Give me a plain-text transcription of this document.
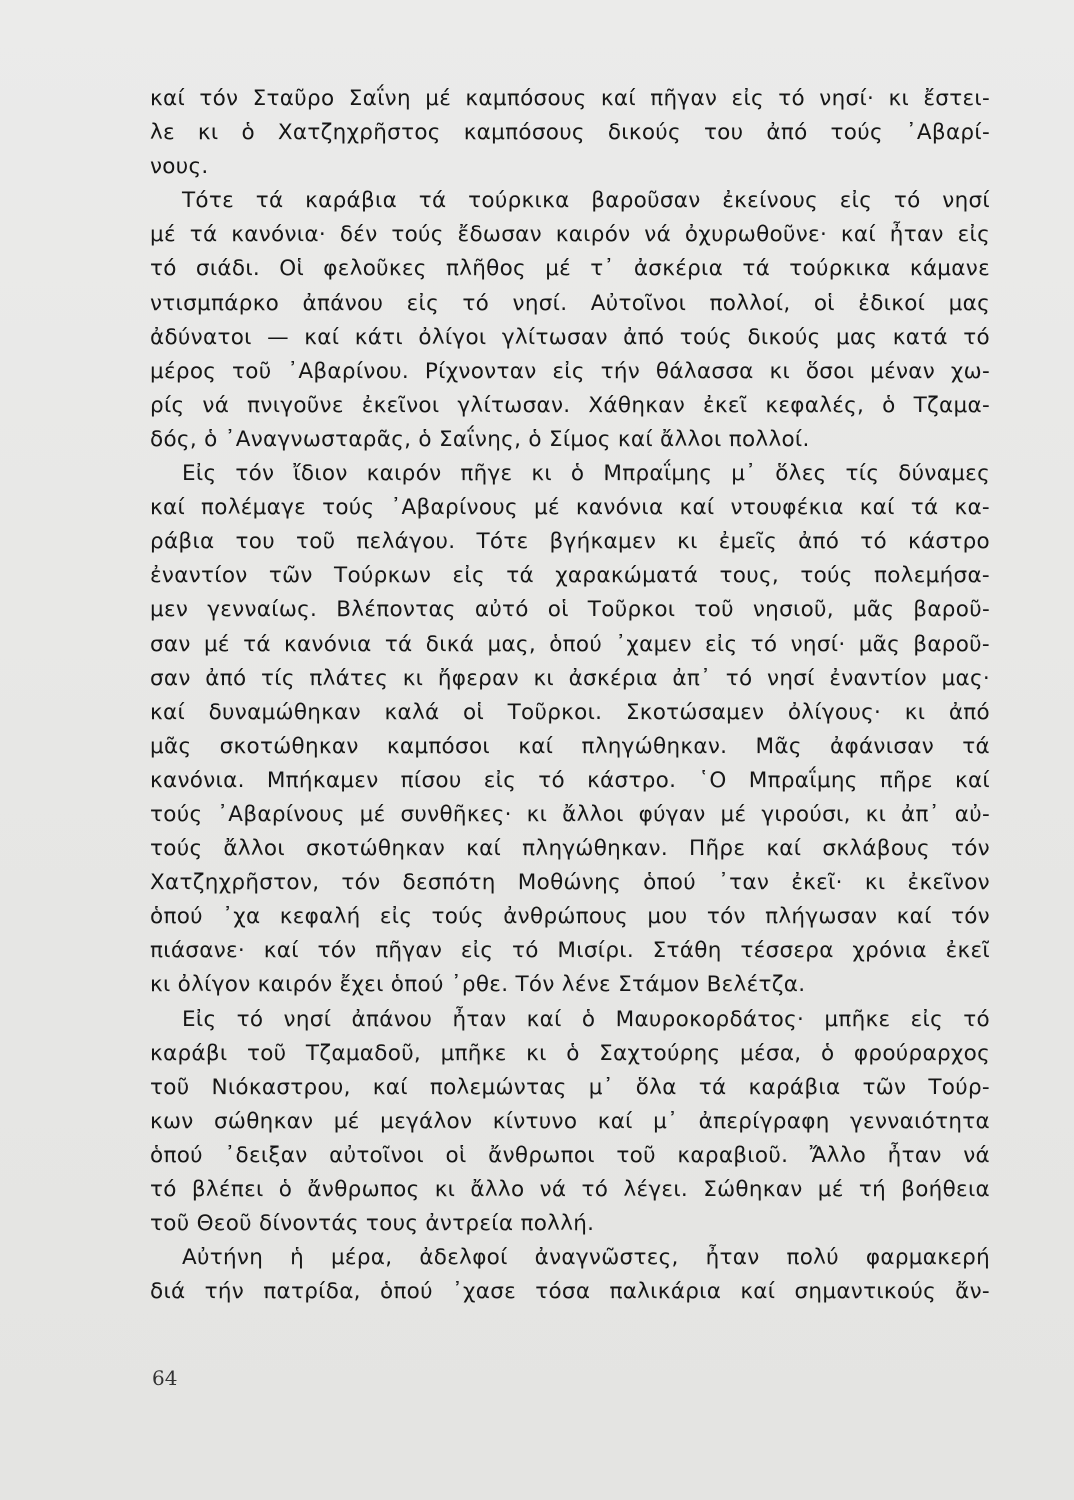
καί τόν Σταῦρο Σαΐνη μέ καμπόσους καί πῆγαν εἰς τό νησί· κι ἔστει-
λε κι ὁ Χατζηχρῆστος καμπόσους δικούς του ἀπό τούς ᾿Αβαρί-
νους.
Τότε τά καράβια τά τούρκικα βαροῦσαν ἐκείνους εἰς τό νησί
μέ τά κανόνια· δέν τούς ἔδωσαν καιρόν νά ὀχυρωθοῦνε· καί ἦταν εἰς
τό σιάδι. Οἱ φελοῦκες πλῆθος μέ τ᾿ ἀσκέρια τά τούρκικα κάμανε
ντισμπάρκο ἀπάνου εἰς τό νησί. Αὐτοῖνοι πολλοί, οἱ ἐδικοί μας
ἀδύνατοι — καί κάτι ὀλίγοι γλίτωσαν ἀπό τούς δικούς μας κατά τό
μέρος τοῦ ᾿Αβαρίνου. Ρίχνονταν εἰς τήν θάλασσα κι ὅσοι μέναν χω-
ρίς νά πνιγοῦνε ἐκεῖνοι γλίτωσαν. Χάθηκαν ἐκεῖ κεφαλές, ὁ Τζαμα-
δός, ὁ ᾿Αναγνωσταρᾶς, ὁ Σαΐνης, ὁ Σίμος καί ἄλλοι πολλοί.
Εἰς τόν ἴδιον καιρόν πῆγε κι ὁ Μπραΐμης μ᾿ ὅλες τίς δύναμες
καί πολέμαγε τούς ᾿Αβαρίνους μέ κανόνια καί ντουφέκια καί τά κα-
ράβια του τοῦ πελάγου. Τότε βγήκαμεν κι ἐμεῖς ἀπό τό κάστρο
ἐναντίον τῶν Τούρκων εἰς τά χαρακώματά τους, τούς πολεμήσα-
μεν γενναίως. Βλέποντας αὐτό οἱ Τοῦρκοι τοῦ νησιοῦ, μᾶς βαροῦ-
σαν μέ τά κανόνια τά δικά μας, ὁπού ᾿χαμεν εἰς τό νησί· μᾶς βαροῦ-
σαν ἀπό τίς πλάτες κι ἤφεραν κι ἀσκέρια ἀπ᾿ τό νησί ἐναντίον μας·
καί δυναμώθηκαν καλά οἱ Τοῦρκοι. Σκοτώσαμεν ὀλίγους· κι ἀπό
μᾶς σκοτώθηκαν καμπόσοι καί πληγώθηκαν. Μᾶς ἀφάνισαν τά
κανόνια. Μπήκαμεν πίσου εἰς τό κάστρο. ῾Ο Μπραΐμης πῆρε καί
τούς ᾿Αβαρίνους μέ συνθῆκες· κι ἄλλοι φύγαν μέ γιρούσι, κι ἀπ᾿ αὐ-
τούς ἄλλοι σκοτώθηκαν καί πληγώθηκαν. Πῆρε καί σκλάβους τόν
Χατζηχρῆστον, τόν δεσπότη Μοθώνης ὁπού ᾿ταν ἐκεῖ· κι ἐκεῖνον
ὁπού ᾿χα κεφαλή εἰς τούς ἀνθρώπους μου τόν πλήγωσαν καί τόν
πιάσανε· καί τόν πῆγαν εἰς τό Μισίρι. Στάθη τέσσερα χρόνια ἐκεῖ
κι ὀλίγον καιρόν ἔχει ὁπού ᾿ρθε. Τόν λένε Στάμον Βελέτζα.
Εἰς τό νησί ἀπάνου ἦταν καί ὁ Μαυροκορδάτος· μπῆκε εἰς τό
καράβι τοῦ Τζαμαδοῦ, μπῆκε κι ὁ Σαχτούρης μέσα, ὁ φρούραρχος
τοῦ Νιόκαστρου, καί πολεμώντας μ᾿ ὅλα τά καράβια τῶν Τούρ-
κων σώθηκαν μέ μεγάλον κίντυνο καί μ᾿ ἀπερίγραφη γενναιότητα
ὁπού ᾿δειξαν αὐτοῖνοι οἱ ἄνθρωποι τοῦ καραβιοῦ. Ἄλλο ἦταν νά
τό βλέπει ὁ ἄνθρωπος κι ἄλλο νά τό λέγει. Σώθηκαν μέ τή βοήθεια
τοῦ Θεοῦ δίνοντάς τους ἀντρεία πολλή.
Αὐτήνη ἡ μέρα, ἀδελφοί ἀναγνῶστες, ἦταν πολύ φαρμακερή
διά τήν πατρίδα, ὁπού ᾿χασε τόσα παλικάρια καί σημαντικούς ἄν-
64
